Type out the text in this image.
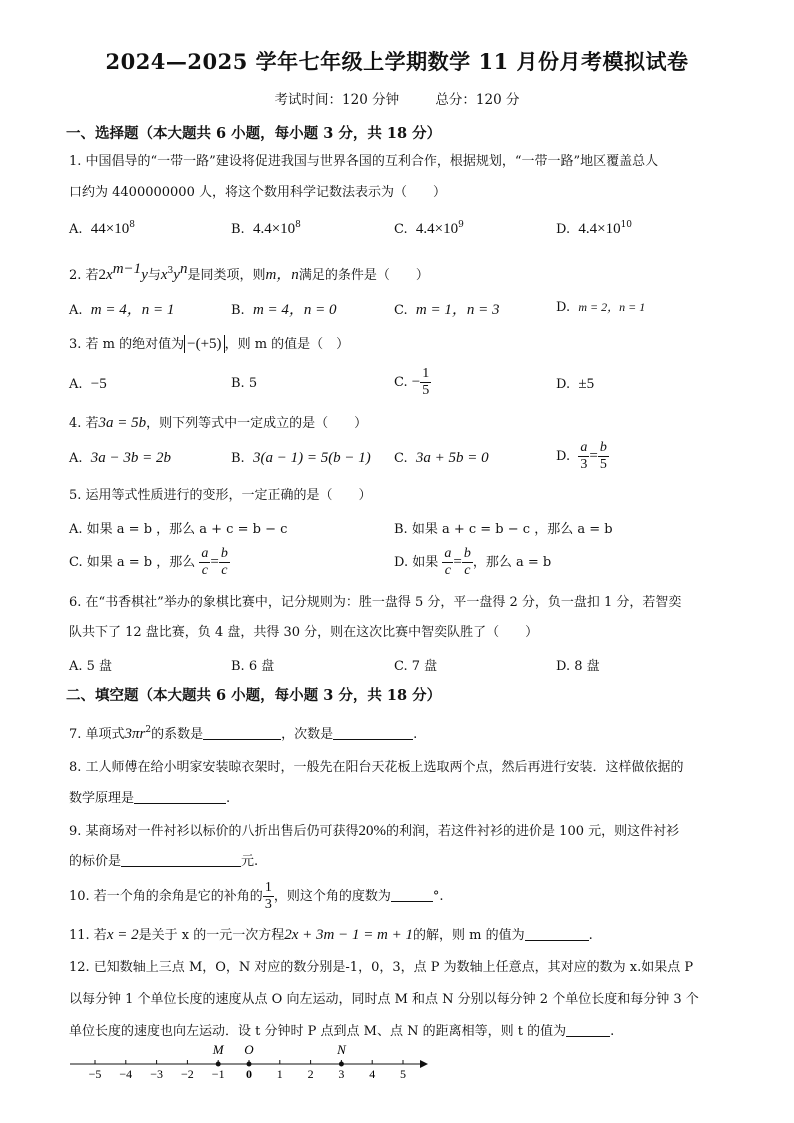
2024—2025 学年七年级上学期数学 11 月份月考模拟试卷
考试时间：120 分钟	总分：120 分
一、选择题（本大题共 6 小题，每小题 3 分，共 18 分）
1. 中国倡导的“一带一路”建设将促进我国与世界各国的互利合作，根据规划，“一带一路”地区覆盖总人
口约为 4400000000 人，将这个数用科学记数法表示为（　　）
A. $44\times 10^8$	B. $4.4\times 10^8$	C. $4.4\times 10^9$	D. $4.4\times 10^{10}$
2. 若$2x^{m-1}y$与$x^3y^n$是同类项，则m，n满足的条件是（　　）
A. m = 4，n = 1	B. m = 4，n = 0	C. m = 1，n = 3	D. m = 2，n = 1
3. 若 m 的绝对值为 −(+5) ，则 m 的值是（　）
A. −5	B. 5	C. − $\frac{1}{5}$	D. ±5
4. 若3a = 5b，则下列等式中一定成立的是（　　）
A. 3a − 3b = 2b	B. 3(a − 1) = 5(b − 1) C. 3a + 5b = 0	D. $\frac{a}{3} = \frac{b}{5}$
5. 运用等式性质进行的变形，一定正确的是（　　）
A. 如果 a = b ，那么 a + c = b − c	B. 如果 a + c = b − c ，那么 a = b
C. 如果 a = b ，那么 $\frac{a}{c} = \frac{b}{c}$	D. 如果 $\frac{a}{c} = \frac{b}{c}$ ，那么 a = b
6. 在“书香棋社”举办的象棋比赛中，记分规则为：胜一盘得 5 分，平一盘得 2 分，负一盘扣 1 分，若智奕
队共下了 12 盘比赛，负 4 盘，共得 30 分，则在这次比赛中智奕队胜了（　　）
A. 5 盘	B. 6 盘	C. 7 盘	D. 8 盘
二、填空题（本大题共 6 小题，每小题 3 分，共 18 分）
7. 单项式$3\pi r^2$的系数是	，次数是	.
8. 工人师傅在给小明家安装晾衣架时，一般先在阳台天花板上选取两个点，然后再进行安装．这样做依据的
数学原理是	.
9. 某商场对一件衬衫以标价的八折出售后仍可获得20%的利润，若这件衬衫的进价是 100 元，则这件衬衫
的标价是	元.
10. 若一个角的余角是它的补角的 $\frac{1}{3}$ ，则这个角的度数为	°.
11. 若x = 2是关于 x 的一元一次方程2x + 3m − 1 = m + 1的解，则 m 的值为	.
12. 已知数轴上三点 M，O，N 对应的数分别是-1，0，3，点 P 为数轴上任意点，其对应的数为 x.如果点 P
以每分钟 1 个单位长度的速度从点 O 向左运动，同时点 M 和点 N 分别以每分钟 2 个单位长度和每分钟 3 个
单位长度的速度也向左运动．设 t 分钟时 P 点到点 M、点 N 的距离相等，则 t 的值为	.
−5 −4 −3 −2 −1 0 1 2 3 4 5
M O	N
